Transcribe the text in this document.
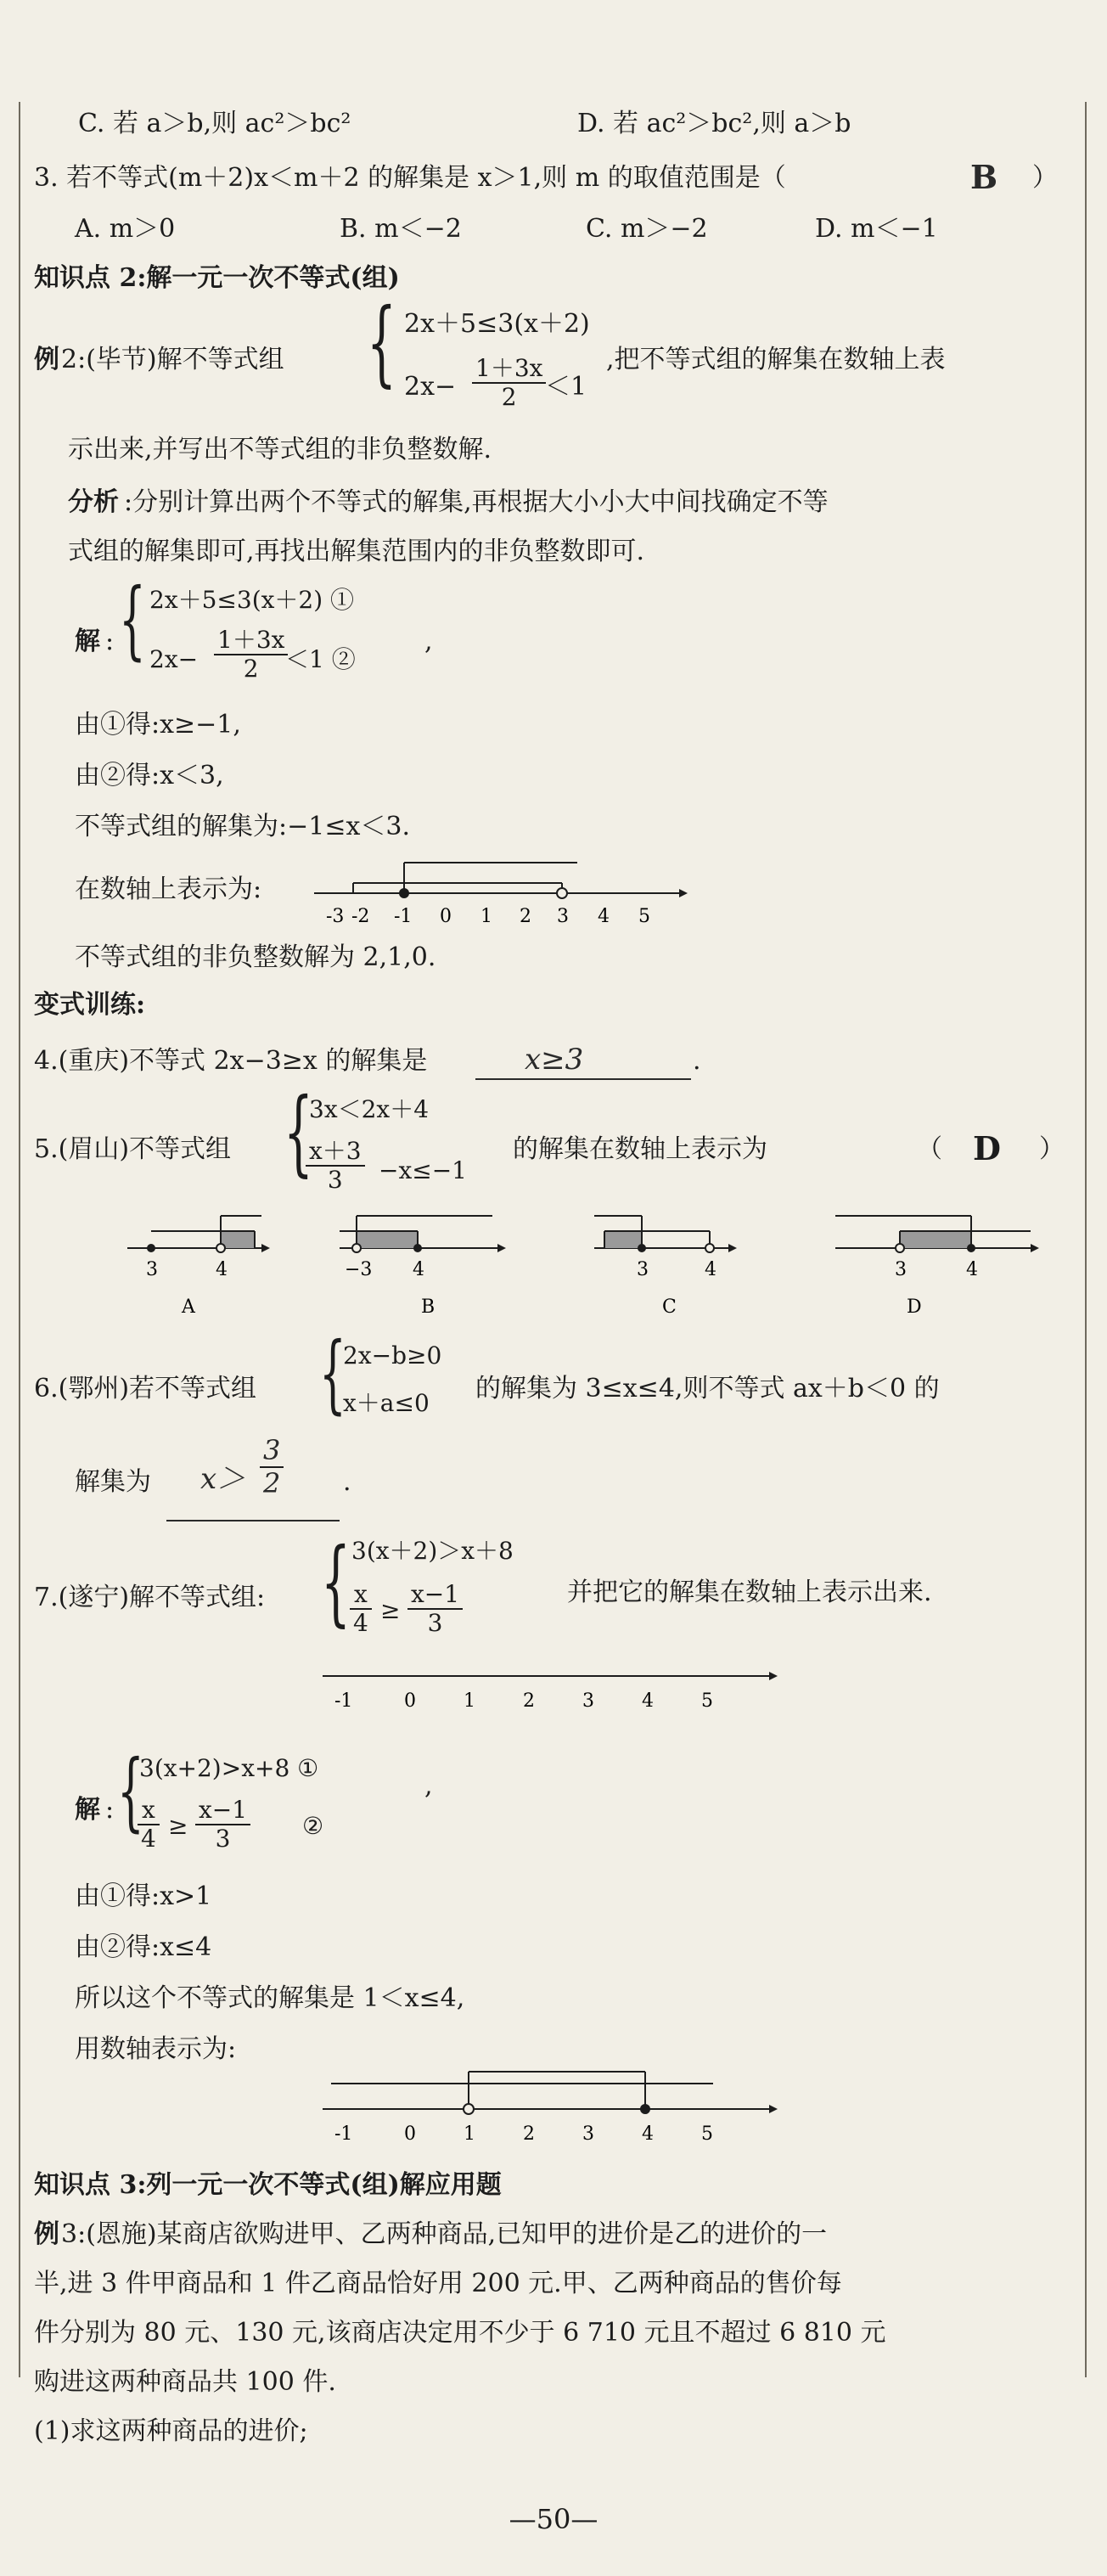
C. 若 a＞b,则 ac²＞bc²	D. 若 ac²＞bc²,则 a＞b
3. 若不等式(m＋2)x＜m＋2 的解集是 x＞1,则 m 的取值范围是（	B ）
A. m＞0	B. m＜−2	C. m＞−2	D. m＜−1
知识点 2:解一元一次不等式(组)
例 2:(毕节)解不等式组 { 2x＋5≤3(x＋2)
$2x- \frac{1+3x}{2}$
＜1
,把不等式组的解集在数轴上表
示出来,并写出不等式组的非负整数解.
分析 :分别计算出两个不等式的解集,再根据大小小大中间找确定不等
式组的解集即可,再找出解集范围内的非负整数即可.
解 : { 2x＋5≤3(x＋2) ①
$2x- \frac{1+3x}{2}$
＜1 ②
,
由①得:x≥−1,
由②得:x＜3,
不等式组的解集为:−1≤x＜3.
在数轴上表示为:
-3 -2 -1 0 1 2 3 4 5
不等式组的非负整数解为 2,1,0.
变式训练:
4.(重庆)不等式 2x−3≥x 的解集是	x≥3	.
5.(眉山)不等式组 {
3x＜2x＋4
$\frac{x+3}{3} -x\le-1$
的解集在数轴上表示为	（ D ）
3	4
A
−3 4
B
3	4
C
3	4
D
6.(鄂州)若不等式组 {
2x−b≥0
x＋a≤0 的解集为 3≤x≤4,则不等式 ax＋b＜0 的
解集为 $x> \frac{3}{2}$ .
7.(遂宁)解不等式组: { 3(x＋2)＞x＋8
$\frac{x}{4} \ge \frac{x-1}{3}$	并把它的解集在数轴上表示出来.
-1	0	1	2	3	4	5
解 : {
3(x+2)>x+8 ①
$\frac{x}{4} \ge \frac{x-1}{3}$ ②
,
由①得:x>1
由②得:x≤4
所以这个不等式的解集是 1＜x≤4,
用数轴表示为:
-1	0	1	2	3	4	5
知识点 3:列一元一次不等式(组)解应用题
例 3:(恩施)某商店欲购进甲、乙两种商品,已知甲的进价是乙的进价的一
半,进 3 件甲商品和 1 件乙商品恰好用 200 元.甲、乙两种商品的售价每
件分别为 80 元、130 元,该商店决定用不少于 6 710 元且不超过 6 810 元
购进这两种商品共 100 件.
(1)求这两种商品的进价;
—50—
